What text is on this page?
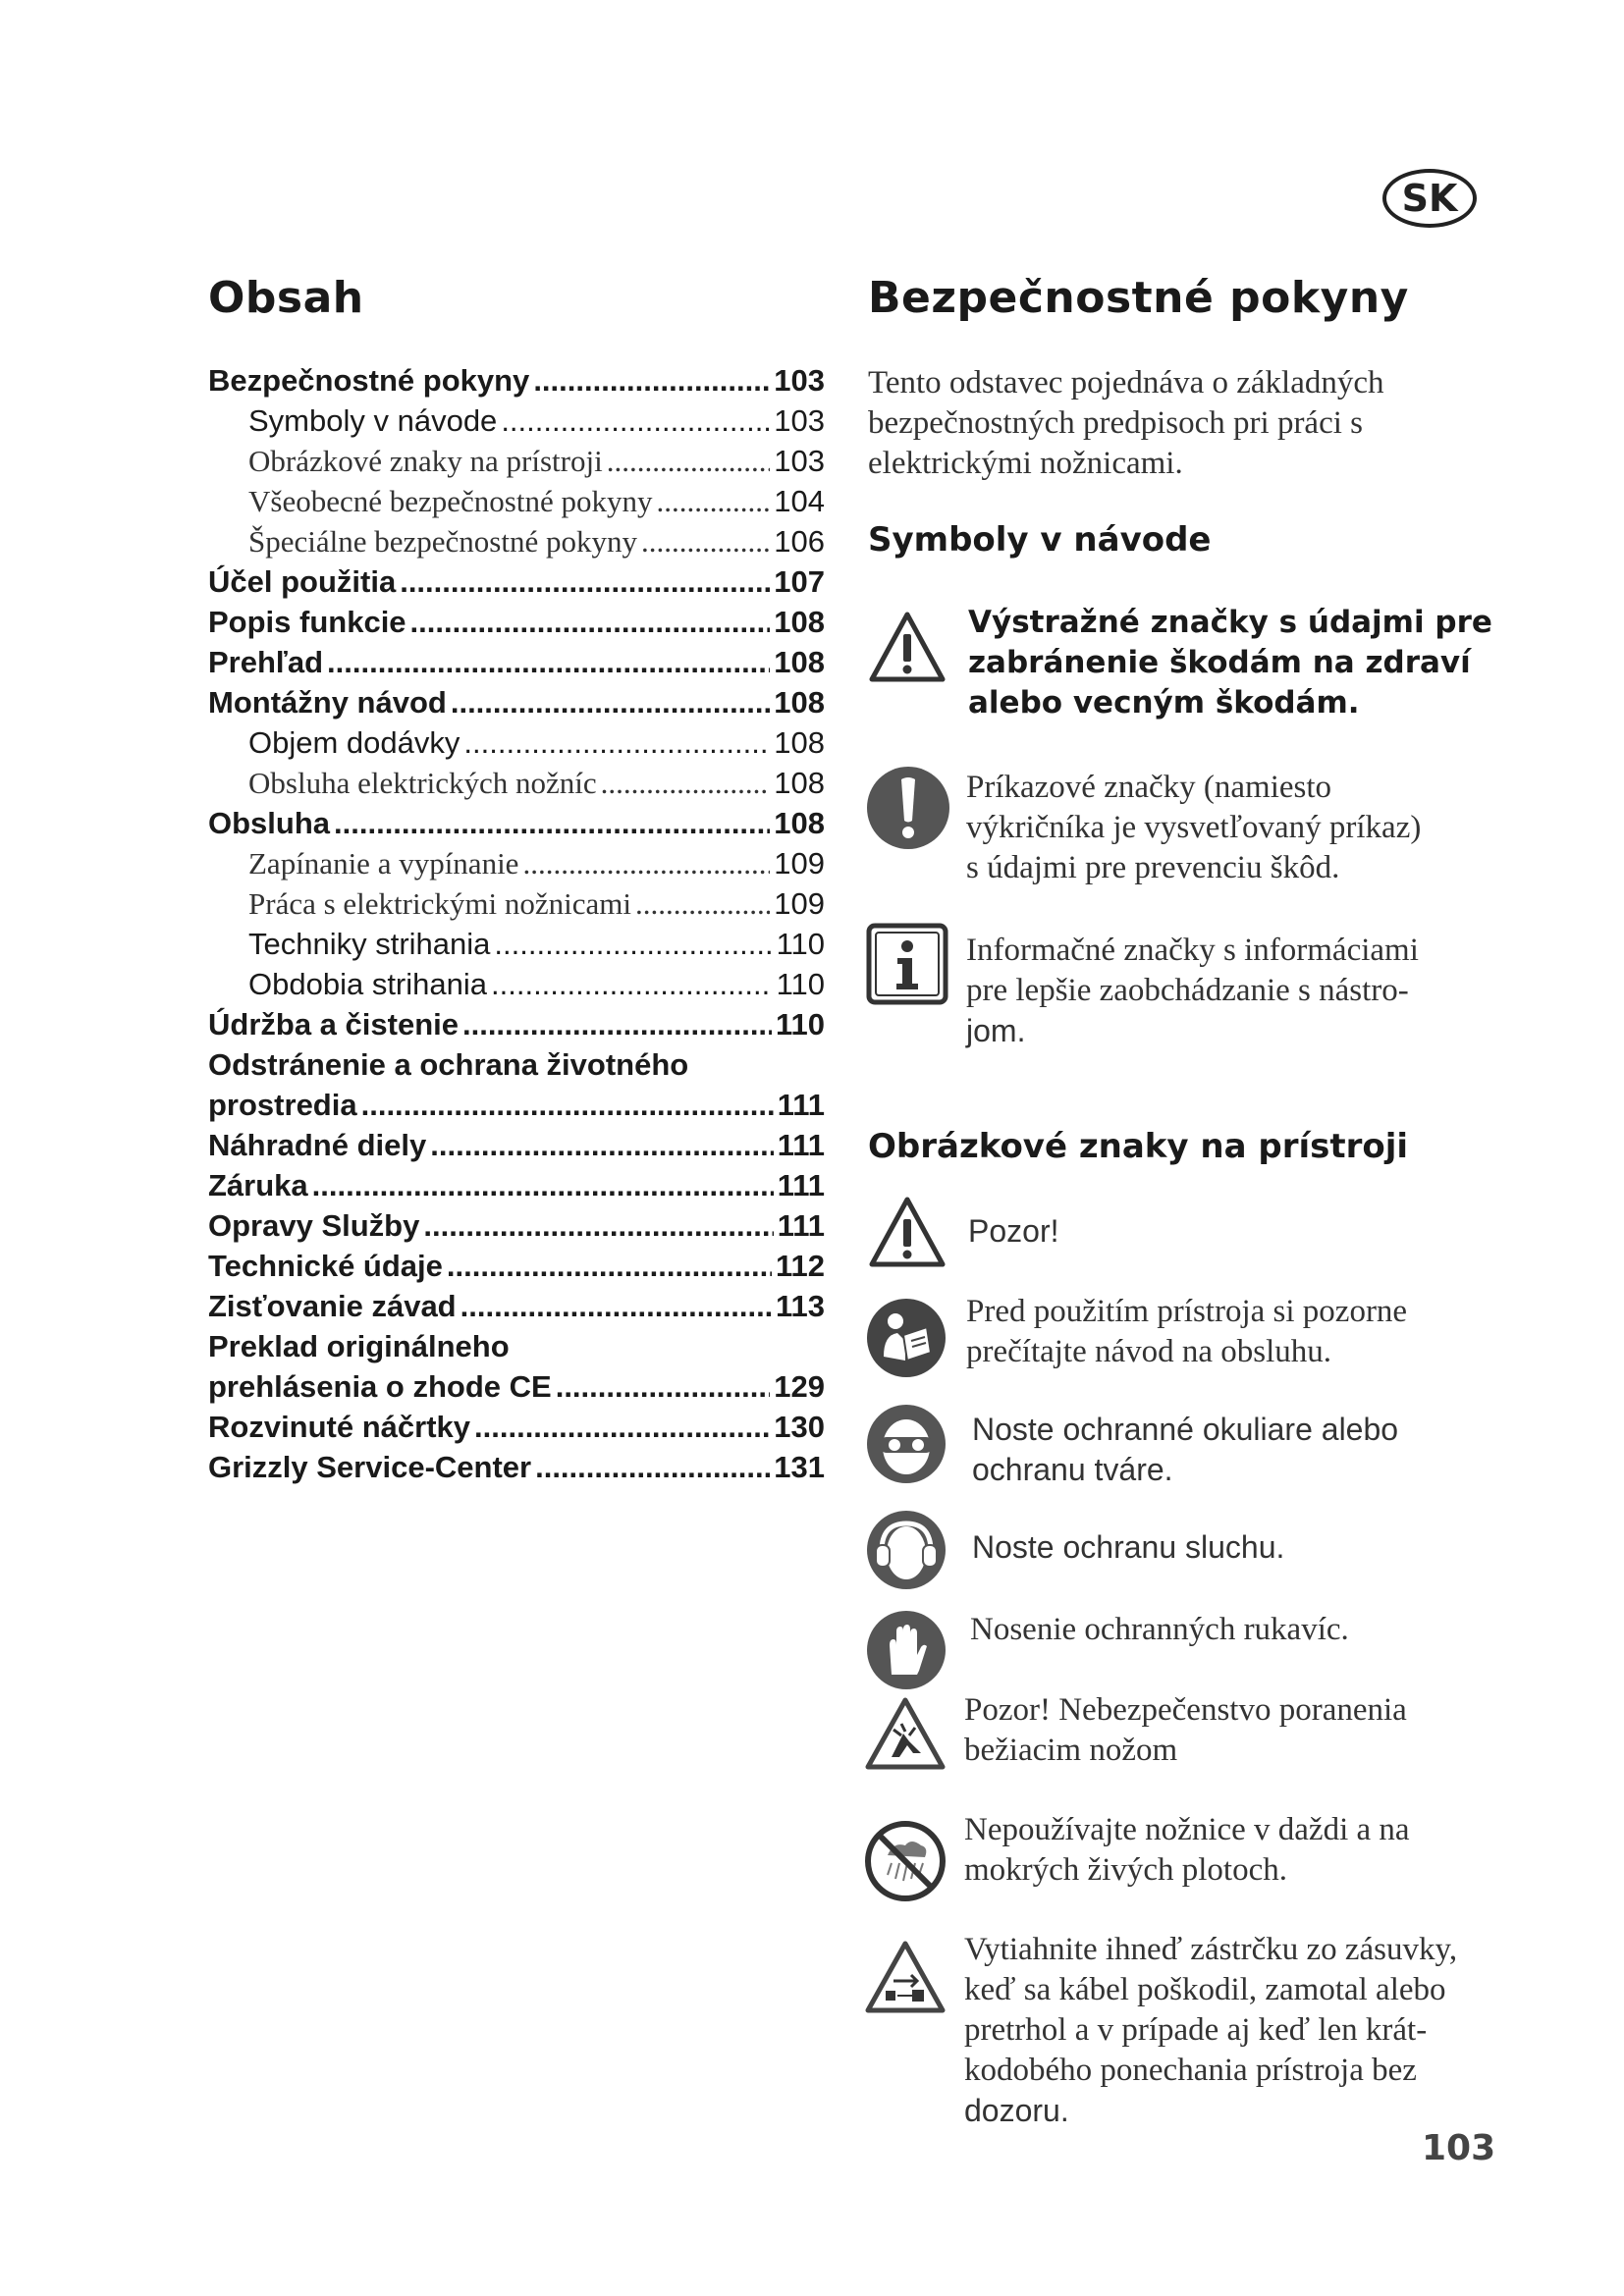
SK
Obsah
Bezpečnostné pokyny .....	103
Symboly v návode .....	103
Obrázkové znaky na prístroji .....	103
Všeobecné bezpečnostné pokyny .....	104
Špeciálne bezpečnostné pokyny .....	106
Účel použitia .....	107
Popis funkcie .....	108
Prehľad .....	108
Montážny návod .....	108
Objem dodávky .....	108
Obsluha elektrických nožníc .....	108
Obsluha .....	108
Zapínanie a vypínanie .....	109
Práca s elektrickými nožnicami .....	109
Techniky strihania .....	110
Obdobia strihania .....	110
Údržba a čistenie .....	110
Odstránenie a ochrana životného
prostredia .....	111
Náhradné diely .....	111
Záruka .....	111
Opravy Služby .....	111
Technické údaje .....	112
Zisťovanie závad .....	113
Preklad originálneho
prehlásenia o zhode CE .....	129
Rozvinuté náčrtky .....	130
Grizzly Service-Center .....	131
Bezpečnostné pokyny

Tento odstavec pojednáva o základných
bezpečnostných predpisoch pri práci s
elektrickými nožnicami.

Symboly v návode

Výstražné značky s údajmi pre
zabránenie škodám na zdraví
alebo vecným škodám.

Príkazové značky (namiesto
výkričníka je vysvetľovaný príkaz)
s údajmi pre prevenciu škôd.

Informačné značky s informáciami
pre lepšie zaobchádzanie s nástro-
jom.

Obrázkové znaky na prístroji

Pozor!

Pred použitím prístroja si pozorne
prečítajte návod na obsluhu.

Noste ochranné okuliare alebo
ochranu tváre.

Noste ochranu sluchu.

Nosenie ochranných rukavíc.

Pozor! Nebezpečenstvo poranenia
bežiacim nožom

Nepoužívajte nožnice v daždi a na
mokrých živých plotoch.

Vytiahnite ihneď zástrčku zo zásuvky,
keď sa kábel poškodil, zamotal alebo
pretrhol a v prípade aj keď len krát-
kodobého ponechania prístroja bez
dozoru.

103
